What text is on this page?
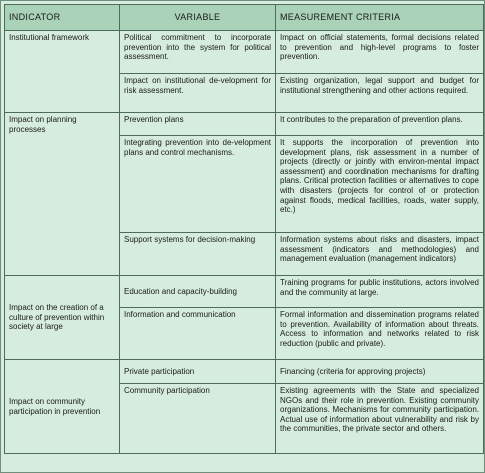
INDICATOR	VARIABLE	MEASUREMENT CRITERIA
Institutional framework	Political commitment to incorporate prevention into the system for political assessment.	Impact on official statements, formal decisions related to prevention and high-level programs to foster prevention.
	Impact on institutional de-velopment for risk assessment.	Existing organization, legal support and budget for institutional strengthening and other actions required.
Impact on planning processes	Prevention plans	It contributes to the preparation of prevention plans.
	Integrating prevention into de-velopment plans and control mechanisms.	It supports the incorporation of prevention into development plans, risk assessment in a number of projects (directly or jointly with environ-mental impact assessment) and coordination mechanisms for drafting plans. Critical protection facilities or alternatives to cope with disasters (projects for control of or protection against floods, medical facilities, roads, water supply, etc.)
	Support systems for decision-making	Information systems about risks and disasters, impact assessment (indicators and methodologies) and management evaluation (management indicators)
Impact on the creation of a culture of prevention within society at large	Education and capacity-building	Training programs for public institutions, actors involved and the community at large.
	Information and communication	Formal information and dissemination programs related to prevention. Availability of information about threats. Access to information and networks related to risk reduction (public and private).
Impact on community participation in prevention	Private participation	Financing (criteria for approving projects)
	Community participation	Existing agreements with the State and specialized NGOs and their role in prevention. Existing community organizations. Mechanisms for community participation. Actual use of information about vulnerability and risk by the communities, the private sector and others.
